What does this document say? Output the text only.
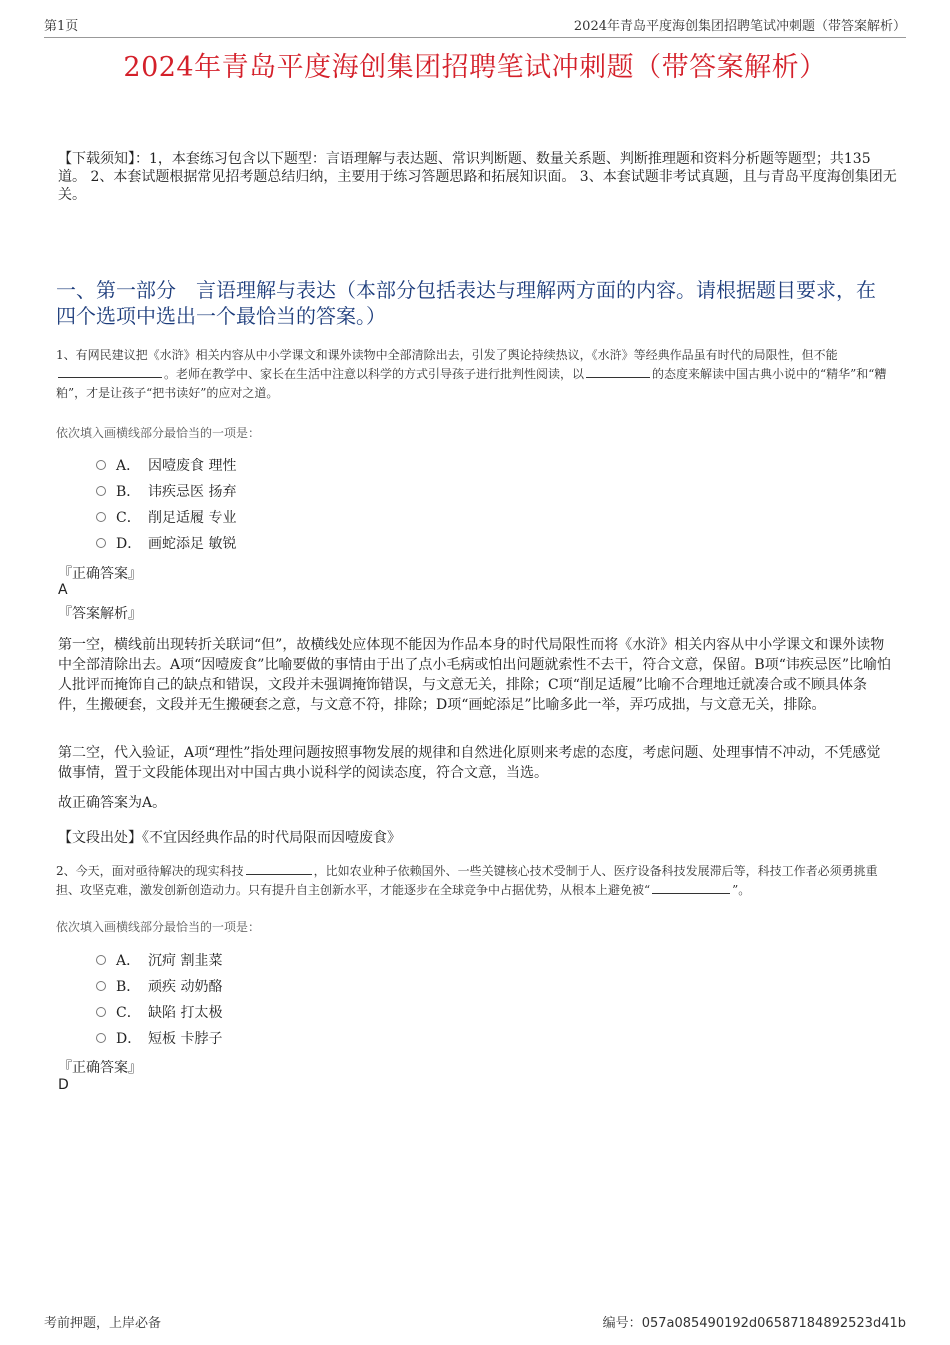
第1页	2024年青岛平度海创集团招聘笔试冲刺题（带答案解析）
2024年青岛平度海创集团招聘笔试冲刺题（带答案解析）
【下载须知】：1，本套练习包含以下题型：言语理解与表达题、常识判断题、数量关系题、判断推理题和资料分析题等题型；共135道。 2、本套试题根据常见招考题总结归纳，主要用于练习答题思路和拓展知识面。 3、本套试题非考试真题，且与青岛平度海创集团无关。
一、第一部分　言语理解与表达（本部分包括表达与理解两方面的内容。请根据题目要求，在四个选项中选出一个最恰当的答案。）
1、有网民建议把《水浒》相关内容从中小学课文和课外读物中全部清除出去，引发了舆论持续热议，《水浒》等经典作品虽有时代的局限性，但不能。老师在教学中、家长在生活中注意以科学的方式引导孩子进行批判性阅读，以	的态度来解读中国古典小说中的“精华”和“糟粕”，才是让孩子“把书读好”的应对之道。
依次填入画横线部分最恰当的一项是：
A． 因噎废食 理性
B． 讳疾忌医 扬弃
C． 削足适履 专业
D． 画蛇添足 敏锐
『正确答案』
A
『答案解析』
第一空，横线前出现转折关联词“但”，故横线处应体现不能因为作品本身的时代局限性而将《水浒》相关内容从中小学课文和课外读物中全部清除出去。A项“因噎废食”比喻要做的事情由于出了点小毛病或怕出问题就索性不去干，符合文意，保留。B项“讳疾忌医”比喻怕人批评而掩饰自己的缺点和错误，文段并未强调掩饰错误，与文意无关，排除；C项“削足适履”比喻不合理地迁就凑合或不顾具体条件，生搬硬套，文段并无生搬硬套之意，与文意不符，排除；D项“画蛇添足”比喻多此一举，弄巧成拙，与文意无关，排除。
第二空，代入验证，A项“理性”指处理问题按照事物发展的规律和自然进化原则来考虑的态度，考虑问题、处理事情不冲动，不凭感觉做事情，置于文段能体现出对中国古典小说科学的阅读态度，符合文意，当选。
故正确答案为A。
【文段出处】《不宜因经典作品的时代局限而因噎废食》
2、今天，面对亟待解决的现实科技	，比如农业种子依赖国外、一些关键核心技术受制于人、医疗设备科技发展滞后等，科技工作者必须勇挑重担、攻坚克难，激发创新创造动力。只有提升自主创新水平，才能逐步在全球竞争中占据优势，从根本上避免被“	”。
依次填入画横线部分最恰当的一项是：
A． 沉疴 割韭菜
B． 顽疾 动奶酪
C． 缺陷 打太极
D． 短板 卡脖子
『正确答案』
D
考前押题，上岸必备	编号：057a085490192d06587184892523d41b
